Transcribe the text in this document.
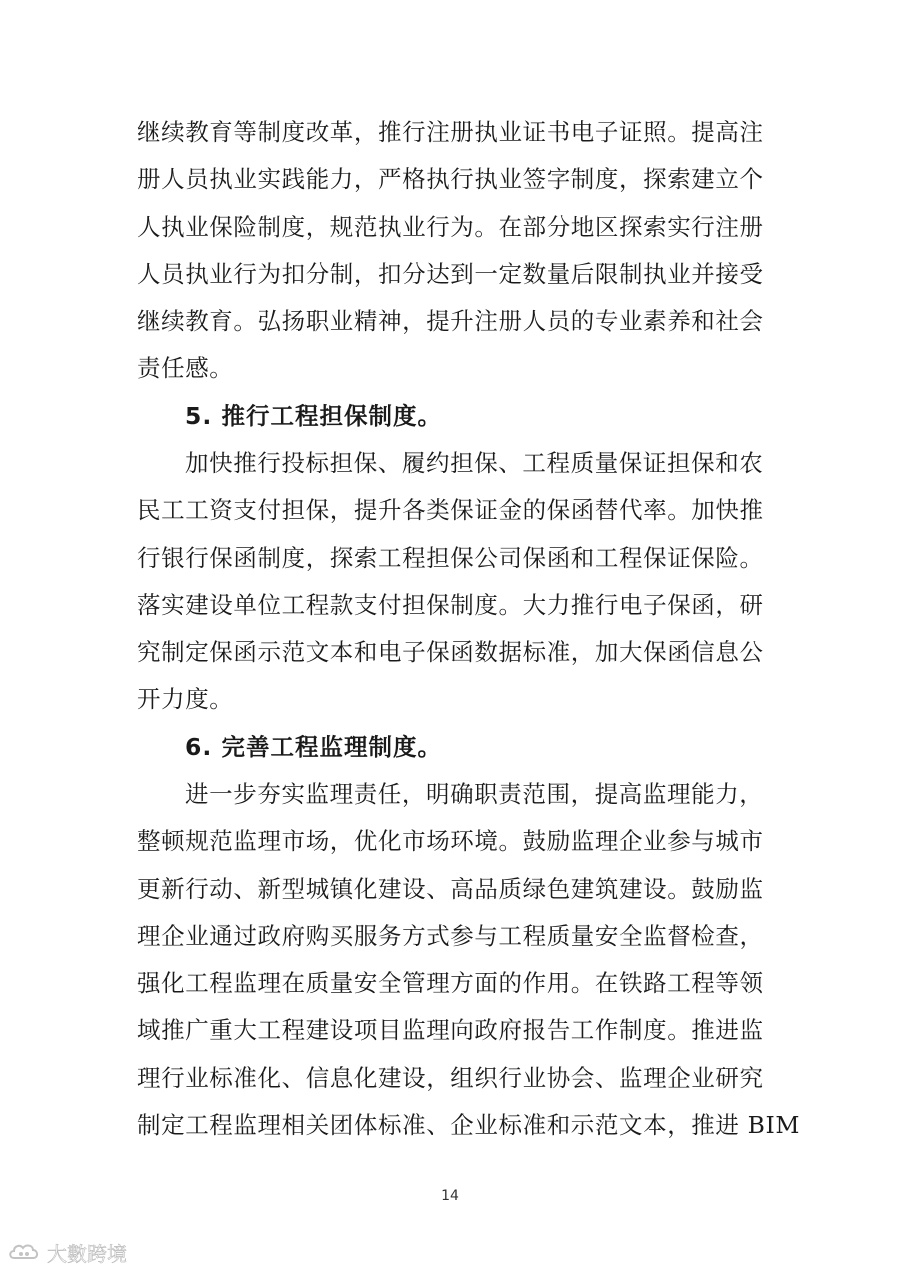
继续教育等制度改革，推行注册执业证书电子证照。提高注
册人员执业实践能力，严格执行执业签字制度，探索建立个
人执业保险制度，规范执业行为。在部分地区探索实行注册
人员执业行为扣分制，扣分达到一定数量后限制执业并接受
继续教育。弘扬职业精神，提升注册人员的专业素养和社会
责任感。
5. 推行工程担保制度。
加快推行投标担保、履约担保、工程质量保证担保和农
民工工资支付担保，提升各类保证金的保函替代率。加快推
行银行保函制度，探索工程担保公司保函和工程保证保险。
落实建设单位工程款支付担保制度。大力推行电子保函，研
究制定保函示范文本和电子保函数据标准，加大保函信息公
开力度。
6. 完善工程监理制度。
进一步夯实监理责任，明确职责范围，提高监理能力，
整顿规范监理市场，优化市场环境。鼓励监理企业参与城市
更新行动、新型城镇化建设、高品质绿色建筑建设。鼓励监
理企业通过政府购买服务方式参与工程质量安全监督检查，
强化工程监理在质量安全管理方面的作用。在铁路工程等领
域推广重大工程建设项目监理向政府报告工作制度。推进监
理行业标准化、信息化建设，组织行业协会、监理企业研究
制定工程监理相关团体标准、企业标准和示范文本，推进 BIM
14
大數跨境
